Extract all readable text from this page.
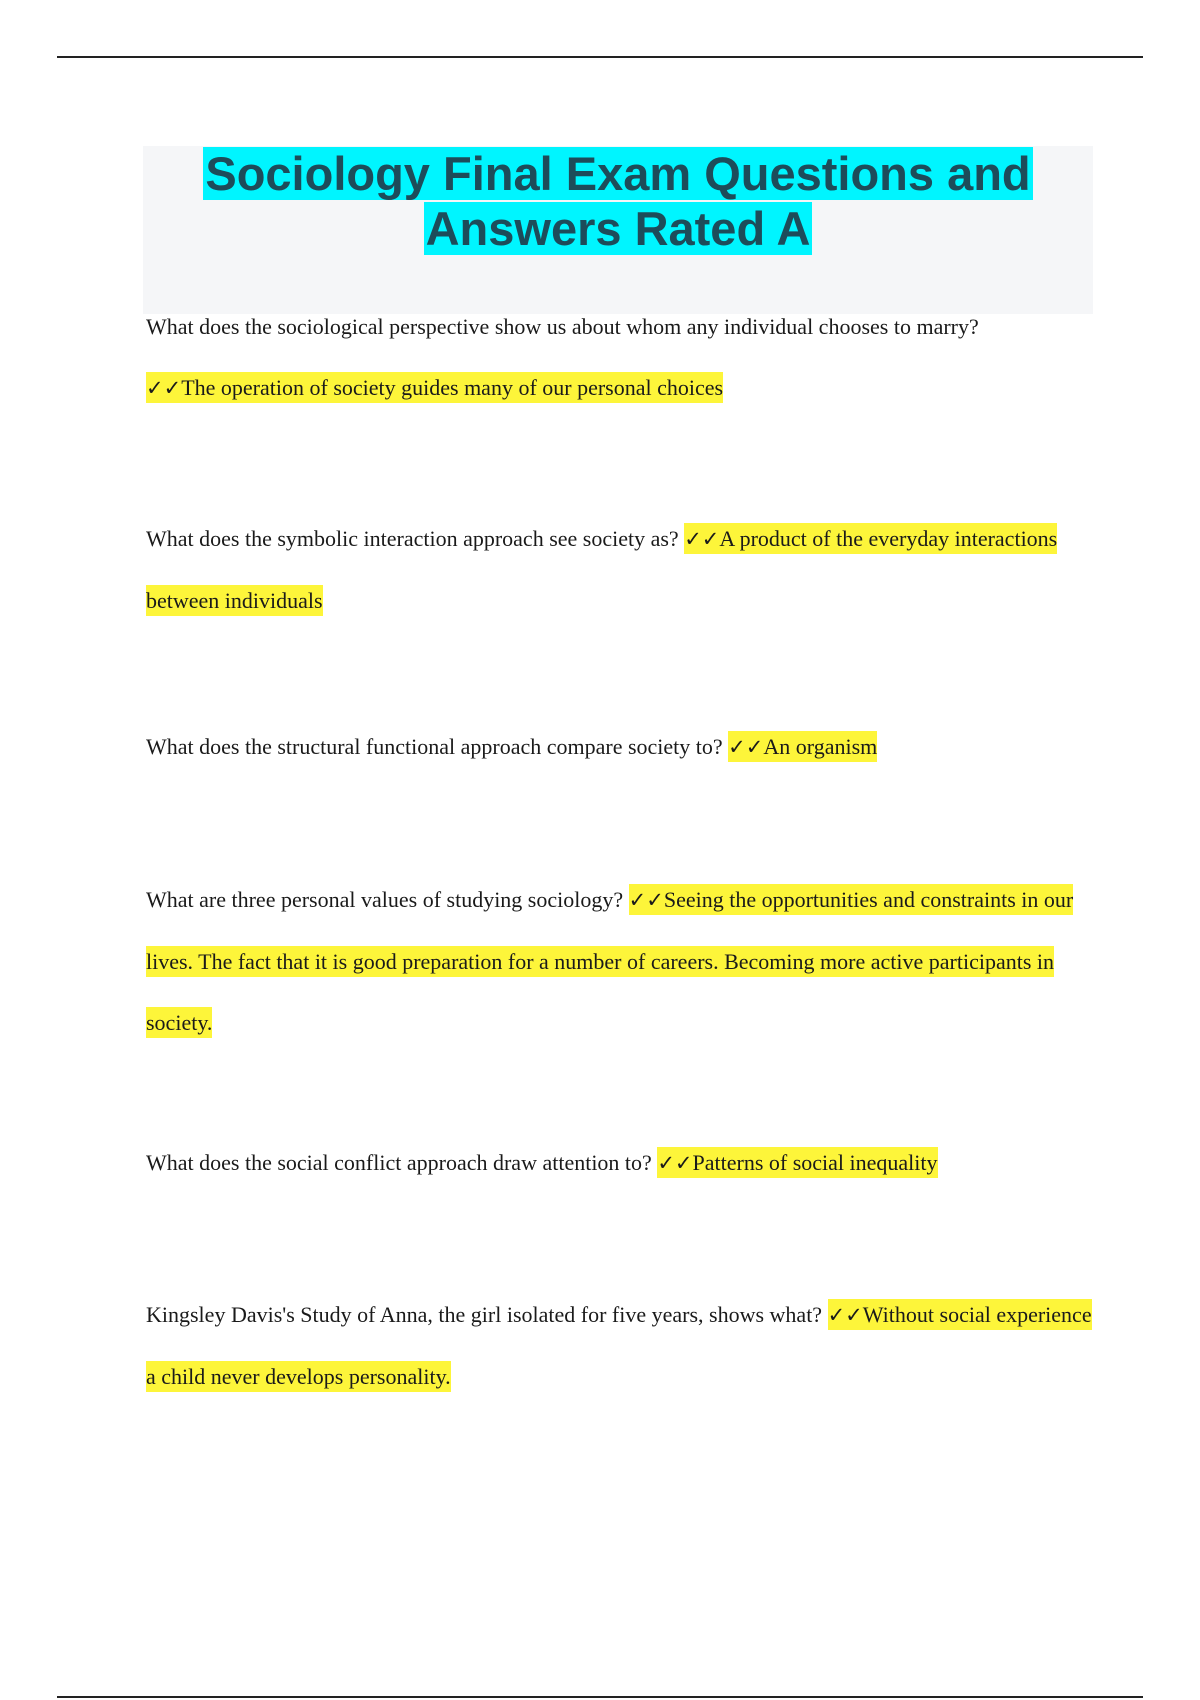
Sociology Final Exam Questions and Answers Rated A

What does the sociological perspective show us about whom any individual chooses to marry?
✓✓The operation of society guides many of our personal choices

What does the symbolic interaction approach see society as? ✓✓A product of the everyday interactions between individuals

What does the structural functional approach compare society to? ✓✓An organism

What are three personal values of studying sociology? ✓✓Seeing the opportunities and constraints in our lives. The fact that it is good preparation for a number of careers. Becoming more active participants in society.

What does the social conflict approach draw attention to? ✓✓Patterns of social inequality

Kingsley Davis's Study of Anna, the girl isolated for five years, shows what? ✓✓Without social experience a child never develops personality.
